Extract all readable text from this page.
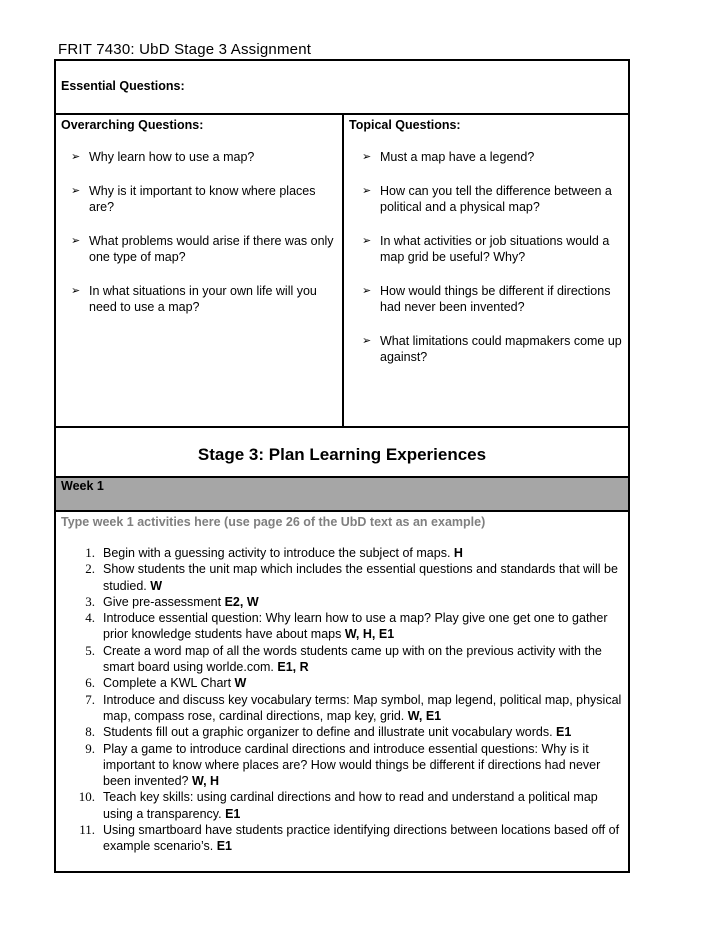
FRIT 7430: UbD Stage 3 Assignment
Essential Questions:
Overarching Questions:	Topical Questions:
➢ Why learn how to use a map?
➢ Why is it important to know where places are?
➢ What problems would arise if there was only one type of map?
➢ In what situations in your own life will you need to use a map?
➢ Must a map have a legend?
➢ How can you tell the difference between a political and a physical map?
➢ In what activities or job situations would a map grid be useful? Why?
➢ How would things be different if directions had never been invented?
➢ What limitations could mapmakers come up against?
Stage 3: Plan Learning Experiences
Week 1
Type week 1 activities here (use page 26 of the UbD text as an example)
1. Begin with a guessing activity to introduce the subject of maps. H
2. Show students the unit map which includes the essential questions and standards that will be studied. W
3. Give pre-assessment E2, W
4. Introduce essential question: Why learn how to use a map? Play give one get one to gather prior knowledge students have about maps W, H, E1
5. Create a word map of all the words students came up with on the previous activity with the smart board using worlde.com. E1, R
6. Complete a KWL Chart W
7. Introduce and discuss key vocabulary terms: Map symbol, map legend, political map, physical map, compass rose, cardinal directions, map key, grid. W, E1
8. Students fill out a graphic organizer to define and illustrate unit vocabulary words. E1
9. Play a game to introduce cardinal directions and introduce essential questions: Why is it important to know where places are? How would things be different if directions had never been invented? W, H
10. Teach key skills: using cardinal directions and how to read and understand a political map using a transparency. E1
11. Using smartboard have students practice identifying directions between locations based off of example scenario’s. E1
